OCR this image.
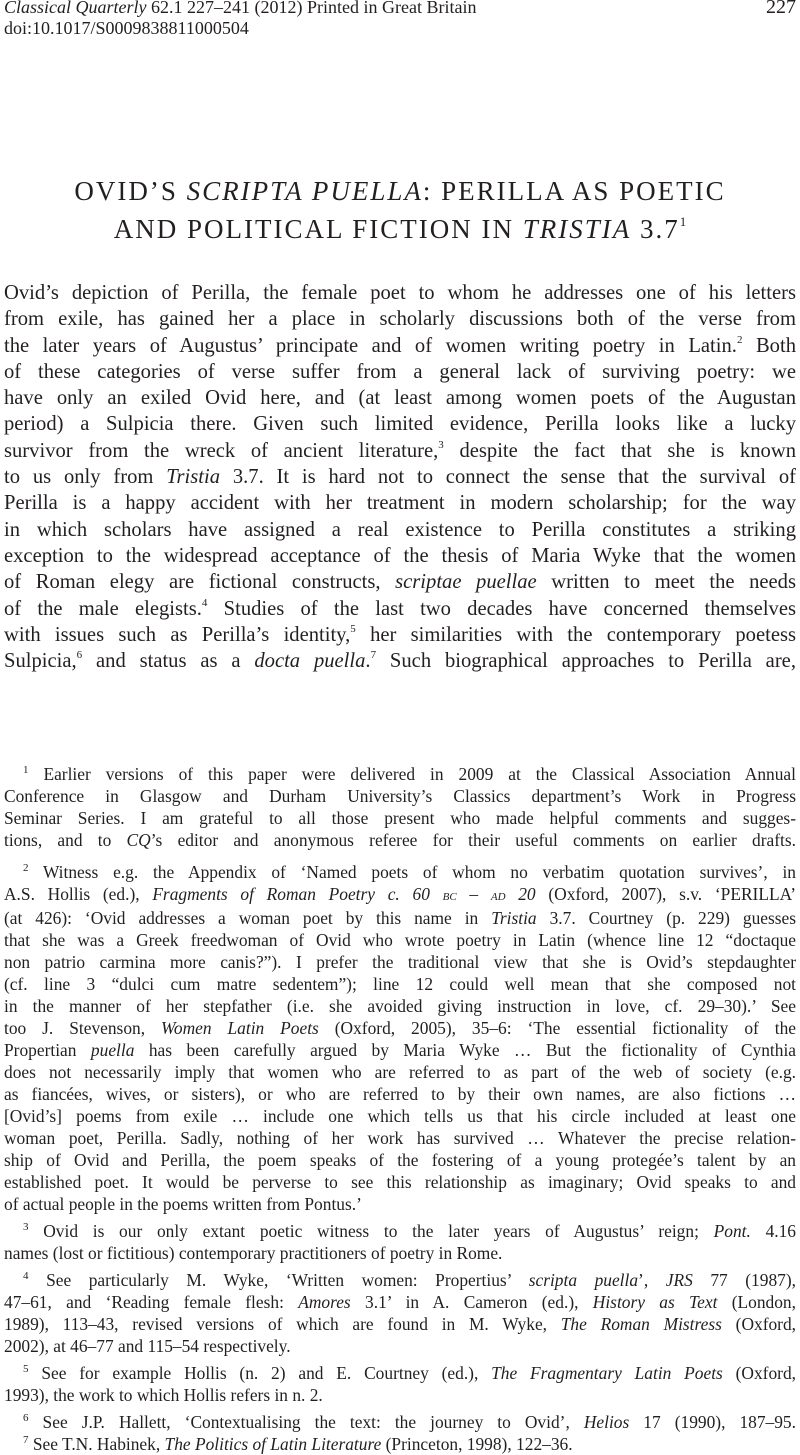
Classical Quarterly 62.1 227–241 (2012) Printed in Great Britain	227
doi:10.1017/S0009838811000504
OVID’S SCRIPTA PUELLA: PERILLA AS POETIC
AND POLITICAL FICTION IN TRISTIA $3.7^1$

Ovid’s depiction of Perilla, the female poet to whom he addresses one of his letters
from exile, has gained her a place in scholarly discussions both of the verse from
the later years of Augustus’ principate and of women writing poetry in Latin.$^2$ Both
of these categories of verse suffer from a general lack of surviving poetry: we
have only an exiled Ovid here, and (at least among women poets of the Augustan
period) a Sulpicia there. Given such limited evidence, Perilla looks like a lucky
survivor from the wreck of ancient literature,$^3$ despite the fact that she is known
to us only from Tristia 3.7. It is hard not to connect the sense that the survival of
Perilla is a happy accident with her treatment in modern scholarship; for the way
in which scholars have assigned a real existence to Perilla constitutes a striking
exception to the widespread acceptance of the thesis of Maria Wyke that the women
of Roman elegy are fictional constructs, scriptae puellae written to meet the needs
of the male elegists.$^4$ Studies of the last two decades have concerned themselves
with issues such as Perilla’s identity,$^5$ her similarities with the contemporary poetess
Sulpicia,$^6$ and status as a docta puella.$^7$ Such biographical approaches to Perilla are,

$^1$ Earlier versions of this paper were delivered in 2009 at the Classical Association Annual
Conference in Glasgow and Durham University’s Classics department’s Work in Progress
Seminar Series. I am grateful to all those present who made helpful comments and sugges-
tions, and to CQ’s editor and anonymous referee for their useful comments on earlier drafts.
$^2$ Witness e.g. the Appendix of ‘Named poets of whom no verbatim quotation survives’, in
A.S. Hollis (ed.), Fragments of Roman Poetry c. 60 bc – ad 20 (Oxford, 2007), s.v. ‘PERILLA’
(at 426): ‘Ovid addresses a woman poet by this name in Tristia 3.7. Courtney (p. 229) guesses
that she was a Greek freedwoman of Ovid who wrote poetry in Latin (whence line 12 “doctaque
non patrio carmina more canis?”). I prefer the traditional view that she is Ovid’s stepdaughter
(cf. line 3 “dulci cum matre sedentem”); line 12 could well mean that she composed not
in the manner of her stepfather (i.e. she avoided giving instruction in love, cf. 29–30).’ See
too J. Stevenson, Women Latin Poets (Oxford, 2005), 35–6: ‘The essential fictionality of the
Propertian puella has been carefully argued by Maria Wyke … But the fictionality of Cynthia
does not necessarily imply that women who are referred to as part of the web of society (e.g.
as fiancées, wives, or sisters), or who are referred to by their own names, are also fictions …
[Ovid’s] poems from exile … include one which tells us that his circle included at least one
woman poet, Perilla. Sadly, nothing of her work has survived … Whatever the precise relation-
ship of Ovid and Perilla, the poem speaks of the fostering of a young protegée’s talent by an
established poet. It would be perverse to see this relationship as imaginary; Ovid speaks to and
of actual people in the poems written from Pontus.’
$^3$ Ovid is our only extant poetic witness to the later years of Augustus’ reign; Pont. 4.16
names (lost or fictitious) contemporary practitioners of poetry in Rome.
$^4$ See particularly M. Wyke, ‘Written women: Propertius’ scripta puella’, JRS 77 (1987),
47–61, and ‘Reading female flesh: Amores 3.1’ in A. Cameron (ed.), History as Text (London,
1989), 113–43, revised versions of which are found in M. Wyke, The Roman Mistress (Oxford,
2002), at 46–77 and 115–54 respectively.
$^5$ See for example Hollis (n. 2) and E. Courtney (ed.), The Fragmentary Latin Poets (Oxford,
1993), the work to which Hollis refers in n. 2.
$^6$ See J.P. Hallett, ‘Contextualising the text: the journey to Ovid’, Helios 17 (1990), 187–95.
$^7$ See T.N. Habinek, The Politics of Latin Literature (Princeton, 1998), 122–36.
